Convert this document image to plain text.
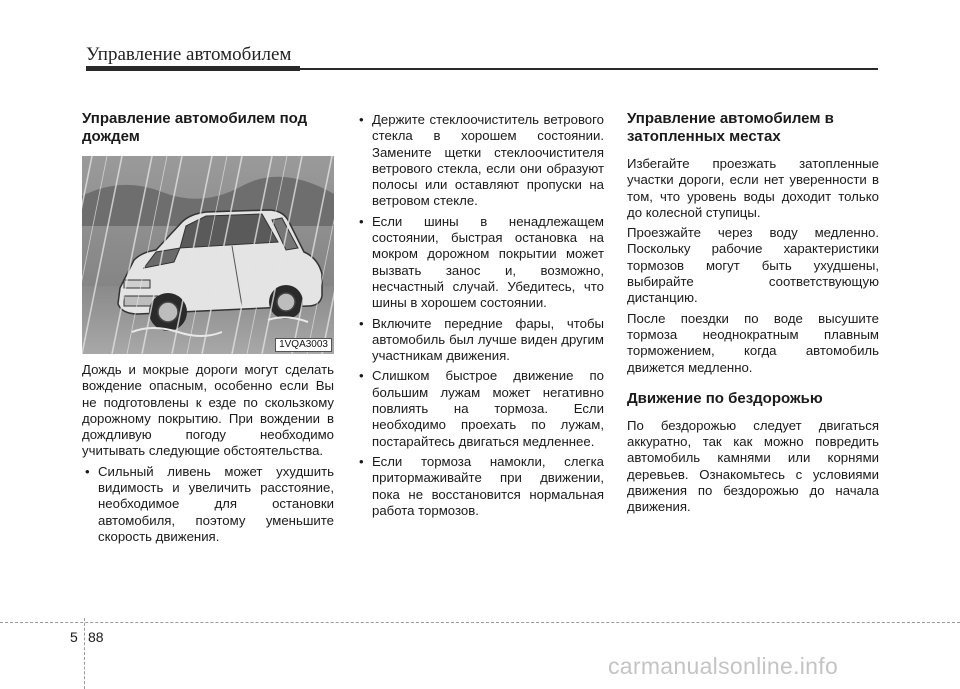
Управление автомобилем
Управление автомобилем под дождем
1VQA3003

Дождь и мокрые дороги могут сделать вождение опасным, особенно если Вы не подготовлены к езде по скользкому дорожному покрытию. При вождении в дождливую погоду необходимо учитывать следующие обстоятельства.

• Сильный ливень может ухудшить видимость и увеличить расстояние, необходимое для остановки автомобиля, поэтому уменьшите скорость движения.
• Держите стеклоочиститель ветрового стекла в хорошем состоянии. Замените щетки стеклоочистителя ветрового стекла, если они образуют полосы или оставляют пропуски на ветровом стекле.
• Если шины в ненадлежащем состоянии, быстрая остановка на мокром дорожном покрытии может вызвать занос и, возможно, несчастный случай. Убедитесь, что шины в хорошем состоянии.
• Включите передние фары, чтобы автомобиль был лучше виден другим участникам движения.
• Слишком быстрое движение по большим лужам может негативно повлиять на тормоза. Если необходимо проехать по лужам, постарайтесь двигаться медленнее.
• Если тормоза намокли, слегка притормаживайте при движении, пока не восстановится нормальная работа тормозов.
Управление автомобилем в затопленных местах

Избегайте проезжать затопленные участки дороги, если нет уверенности в том, что уровень воды доходит только до колесной ступицы.

Проезжайте через воду медленно. Поскольку рабочие характеристики тормозов могут быть ухудшены, выбирайте соответствующую дистанцию.

После поездки по воде высушите тормоза неоднократным плавным торможением, когда автомобиль движется медленно.

Движение по бездорожью

По бездорожью следует двигаться аккуратно, так как можно повредить автомобиль камнями или корнями деревьев. Ознакомьтесь с условиями движения по бездорожью до начала движения.

5 88
carmanualsonline.info
